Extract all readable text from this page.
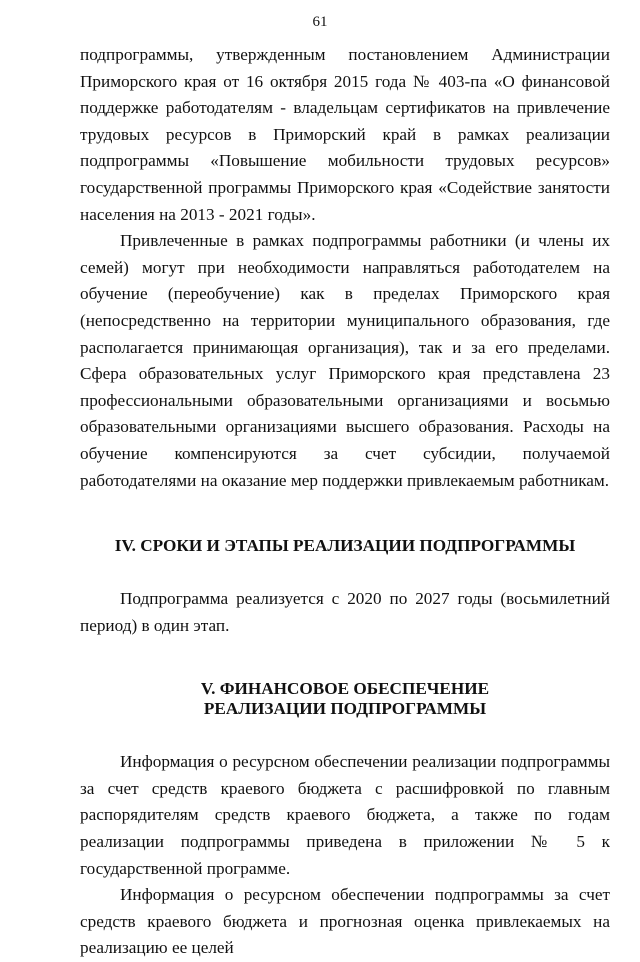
61

подпрограммы, утвержденным постановлением Администрации Приморского края от 16 октября 2015 года № 403-па «О финансовой поддержке работодателям - владельцам сертификатов на привлечение трудовых ресурсов в Приморский край в рамках реализации подпрограммы «Повышение мобильности трудовых ресурсов» государственной программы Приморского края «Содействие занятости населения на 2013 - 2021 годы».

Привлеченные в рамках подпрограммы работники (и члены их семей) могут при необходимости направляться работодателем на обучение (переобучение) как в пределах Приморского края (непосредственно на территории муниципального образования, где располагается принимающая организация), так и за его пределами. Сфера образовательных услуг Приморского края представлена 23 профессиональными образовательными организациями и восьмью образовательными организациями высшего образования. Расходы на обучение компенсируются за счет субсидии, получаемой работодателями на оказание мер поддержки привлекаемым работникам.

IV. СРОКИ И ЭТАПЫ РЕАЛИЗАЦИИ ПОДПРОГРАММЫ

Подпрограмма реализуется с 2020 по 2027 годы (восьмилетний период) в один этап.

V. ФИНАНСОВОЕ ОБЕСПЕЧЕНИЕ
РЕАЛИЗАЦИИ ПОДПРОГРАММЫ

Информация о ресурсном обеспечении реализации подпрограммы за счет средств краевого бюджета с расшифровкой по главным распорядителям средств краевого бюджета, а также по годам реализации подпрограммы приведена в приложении № 5 к государственной программе.

Информация о ресурсном обеспечении подпрограммы за счет средств краевого бюджета и прогнозная оценка привлекаемых на реализацию ее целей
